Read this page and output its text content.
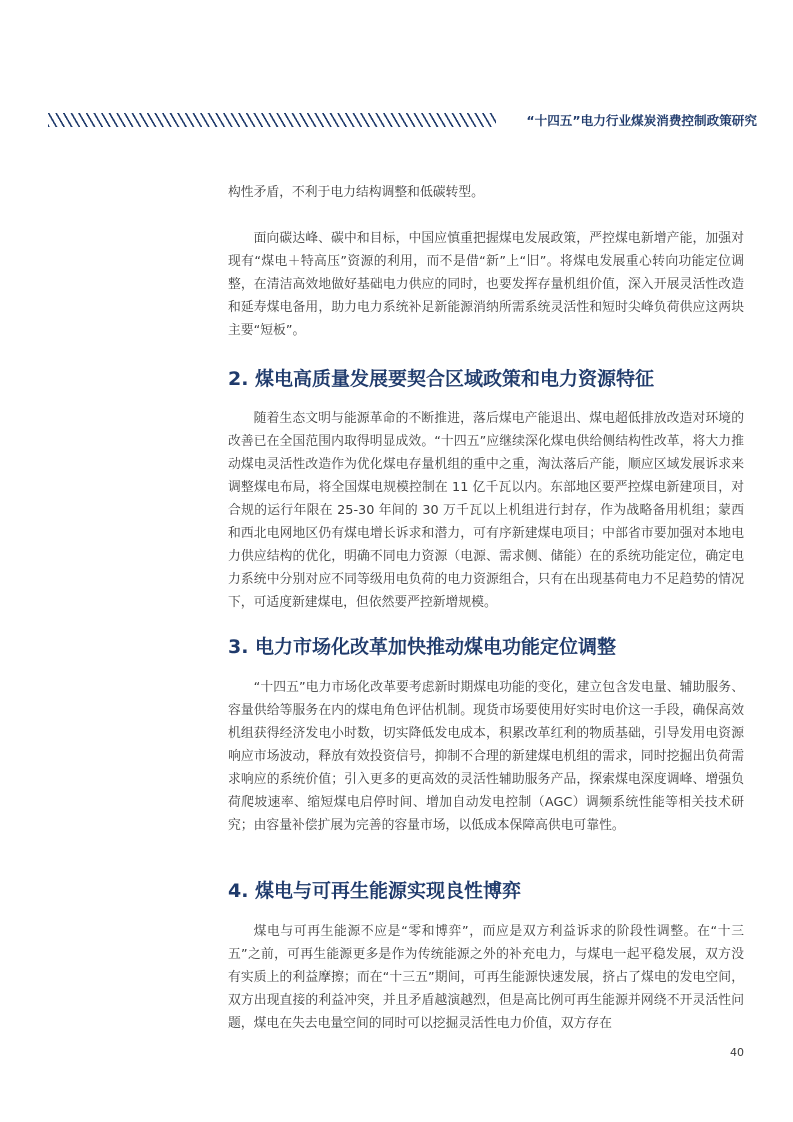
“十四五”电力行业煤炭消费控制政策研究

构性矛盾，不利于电力结构调整和低碳转型。

面向碳达峰、碳中和目标，中国应慎重把握煤电发展政策，严控煤电新增产能，加强对现有“煤电＋特高压”资源的利用，而不是借“新”上“旧”。将煤电发展重心转向功能定位调整，在清洁高效地做好基础电力供应的同时，也要发挥存量机组价值，深入开展灵活性改造和延寿煤电备用，助力电力系统补足新能源消纳所需系统灵活性和短时尖峰负荷供应这两块主要“短板”。

2. 煤电高质量发展要契合区域政策和电力资源特征

随着生态文明与能源革命的不断推进，落后煤电产能退出、煤电超低排放改造对环境的改善已在全国范围内取得明显成效。“十四五”应继续深化煤电供给侧结构性改革，将大力推动煤电灵活性改造作为优化煤电存量机组的重中之重，淘汰落后产能，顺应区域发展诉求来调整煤电布局，将全国煤电规模控制在 11 亿千瓦以内。东部地区要严控煤电新建项目，对合规的运行年限在 25-30 年间的 30 万千瓦以上机组进行封存，作为战略备用机组；蒙西和西北电网地区仍有煤电增长诉求和潜力，可有序新建煤电项目；中部省市要加强对本地电力供应结构的优化，明确不同电力资源（电源、需求侧、储能）在的系统功能定位，确定电力系统中分别对应不同等级用电负荷的电力资源组合，只有在出现基荷电力不足趋势的情况下，可适度新建煤电，但依然要严控新增规模。

3. 电力市场化改革加快推动煤电功能定位调整

“十四五”电力市场化改革要考虑新时期煤电功能的变化，建立包含发电量、辅助服务、容量供给等服务在内的煤电角色评估机制。现货市场要使用好实时电价这一手段，确保高效机组获得经济发电小时数，切实降低发电成本，积累改革红利的物质基础，引导发用电资源响应市场波动，释放有效投资信号，抑制不合理的新建煤电机组的需求，同时挖掘出负荷需求响应的系统价值；引入更多的更高效的灵活性辅助服务产品，探索煤电深度调峰、增强负荷爬坡速率、缩短煤电启停时间、增加自动发电控制（AGC）调频系统性能等相关技术研究；由容量补偿扩展为完善的容量市场，以低成本保障高供电可靠性。

4. 煤电与可再生能源实现良性博弈

煤电与可再生能源不应是“零和博弈”，而应是双方利益诉求的阶段性调整。在“十三五”之前，可再生能源更多是作为传统能源之外的补充电力，与煤电一起平稳发展，双方没有实质上的利益摩擦；而在“十三五”期间，可再生能源快速发展，挤占了煤电的发电空间，双方出现直接的利益冲突，并且矛盾越演越烈，但是高比例可再生能源并网绕不开灵活性问题，煤电在失去电量空间的同时可以挖掘灵活性电力价值，双方存在

40
